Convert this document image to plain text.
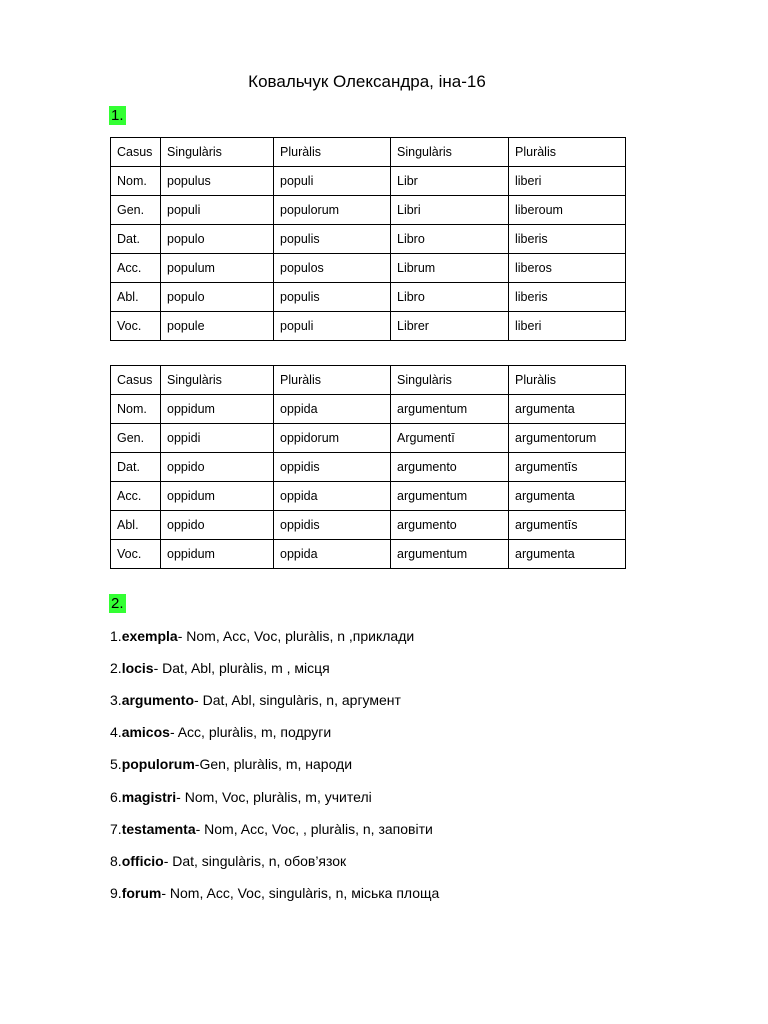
Ковальчук Олександра, іна-16
1.
Casus	Singulàris	Pluràlis	Singulàris	Pluràlis
Nom.	populus	populi	Libr	liberi
Gen.	populi	populorum	Libri	liberoum
Dat.	populo	populis	Libro	liberis
Acc.	populum	populos	Librum	liberos
Abl.	populo	populis	Libro	liberis
Voc.	popule	populi	Librer	liberi
Casus	Singulàris	Pluràlis	Singulàris	Pluràlis
Nom.	oppidum	oppida	argumentum	argumenta
Gen.	oppidi	oppidorum	Argumentī	argumentorum
Dat.	oppido	oppidis	argumento	argumentīs
Acc.	oppidum	oppida	argumentum	argumenta
Abl.	oppido	oppidis	argumento	argumentīs
Voc.	oppidum	oppida	argumentum	argumenta
2.
1.exempla- Nom, Acc, Voc, pluràlis, n ,приклади
2.locis- Dat, Abl, pluràlis, m , місця
3.argumento- Dat, Abl, singulàris, n, аргумент
4.amicos- Acc, pluràlis, m, подруги
5.populorum-Gen, pluràlis, m, народи
6.magistri- Nom, Voc, pluràlis, m, учителі
7.testamenta- Nom, Acc, Voc, , pluràlis, n, заповіти
8.officio- Dat, singulàris, n, обов’язок
9.forum- Nom, Acc, Voc, singulàris, n, міська площа
